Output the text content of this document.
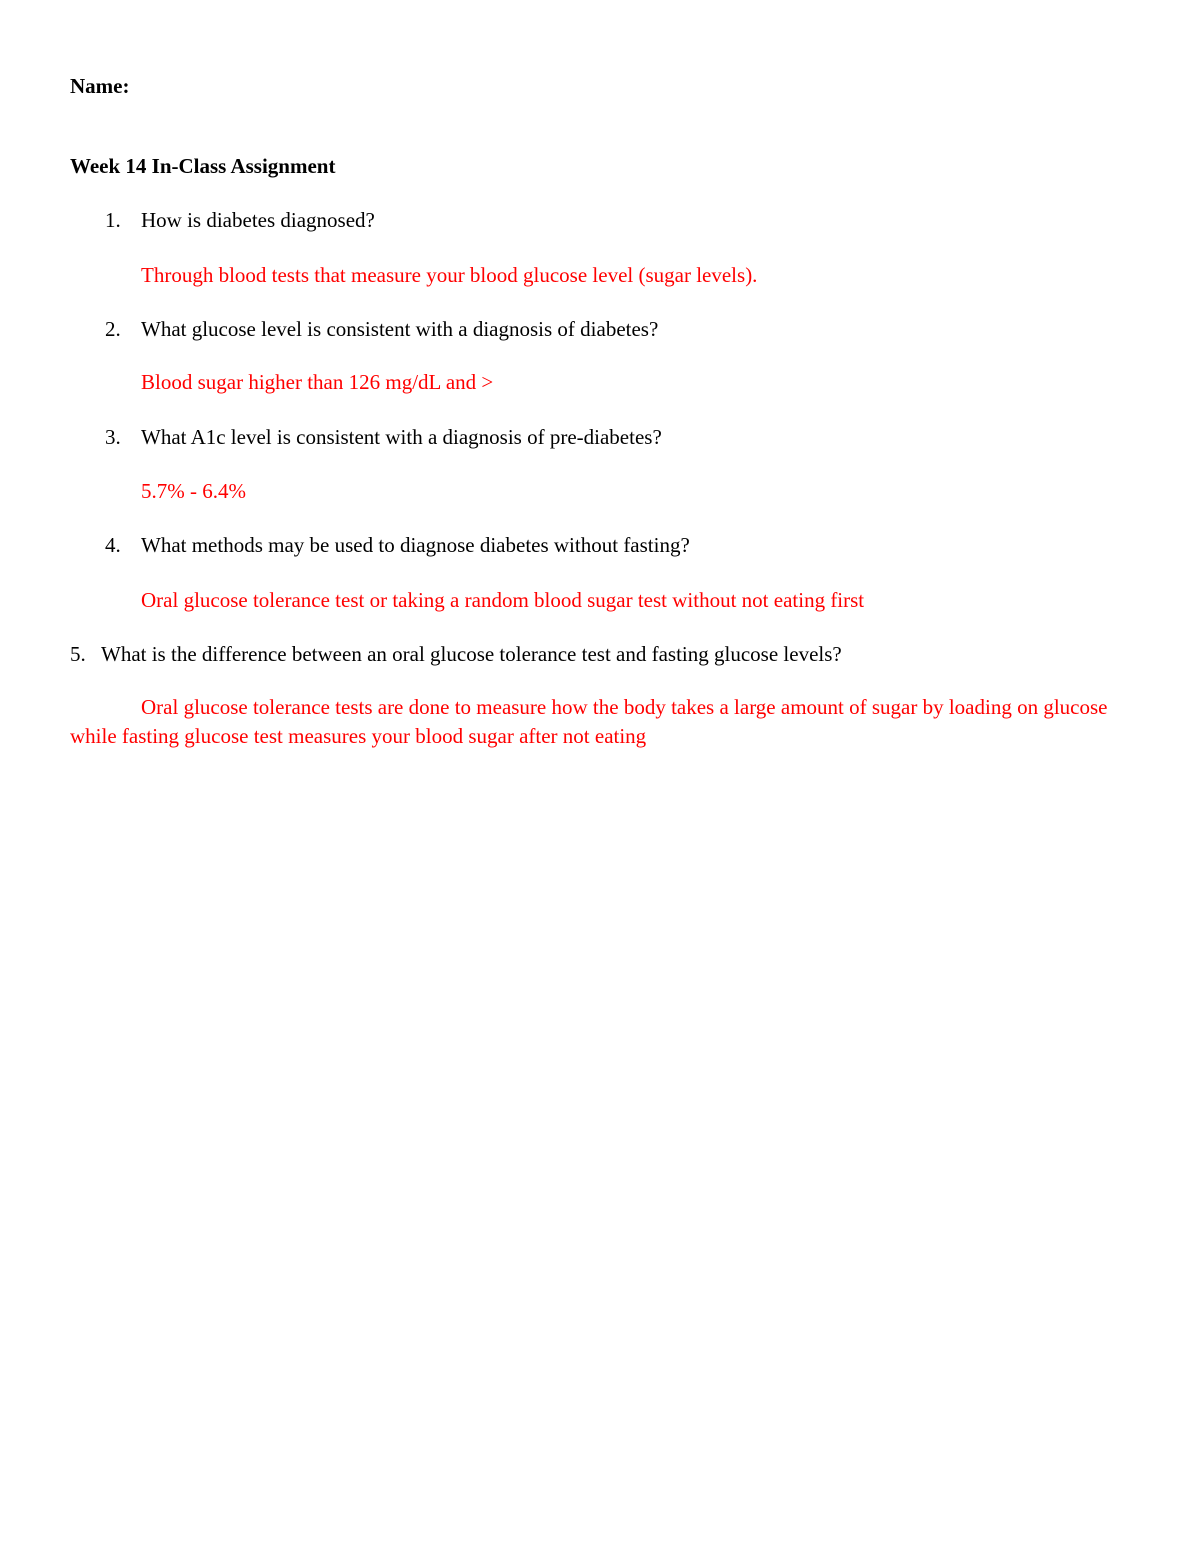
Name:
Week 14 In-Class Assignment
1. How is diabetes diagnosed?
Through blood tests that measure your blood glucose level (sugar levels).
2. What glucose level is consistent with a diagnosis of diabetes?
Blood sugar higher than 126 mg/dL and >
3. What A1c level is consistent with a diagnosis of pre-diabetes?
5.7% - 6.4%
4. What methods may be used to diagnose diabetes without fasting?
Oral glucose tolerance test or taking a random blood sugar test without not eating first
5. What is the difference between an oral glucose tolerance test and fasting glucose levels?
Oral glucose tolerance tests are done to measure how the body takes a large amount of sugar by loading on glucose while fasting glucose test measures your blood sugar after not eating
